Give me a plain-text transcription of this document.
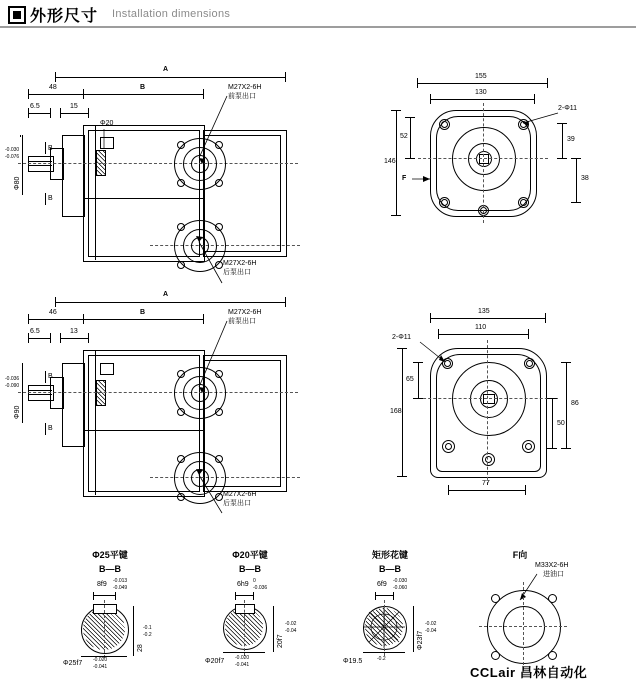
外形尺寸 Installation dimensions
A
48	B
6.5	15
M27X2-6H
前泵出口
M27X2-6H
后泵出口
Φ20
Φ80
-0.030
-0.076
B
B
155
130
2-Φ11
52
146
39
38
F
A
46	B
6.5	13
M27X2-6H
前泵出口
M27X2-6H
后泵出口
Φ90
-0.036
-0.090
B
B
135
110
2-Φ11
65
168
86
50
77
Φ25平键
B—B
8f9 -0.013
-0.049
Φ25f7 -0.020
-0.041
28
-0.1
-0.2
Φ20平键
B—B
6h9 0
-0.036
Φ20f7 -0.020
-0.041
20f7
-0.02
-0.04
矩形花键
B—B
6f9 -0.030
-0.060
Φ19.5	-0.2
Φ23f7
-0.02
-0.04
F向
M33X2-6H
进油口
CCLair 昌林自动化
